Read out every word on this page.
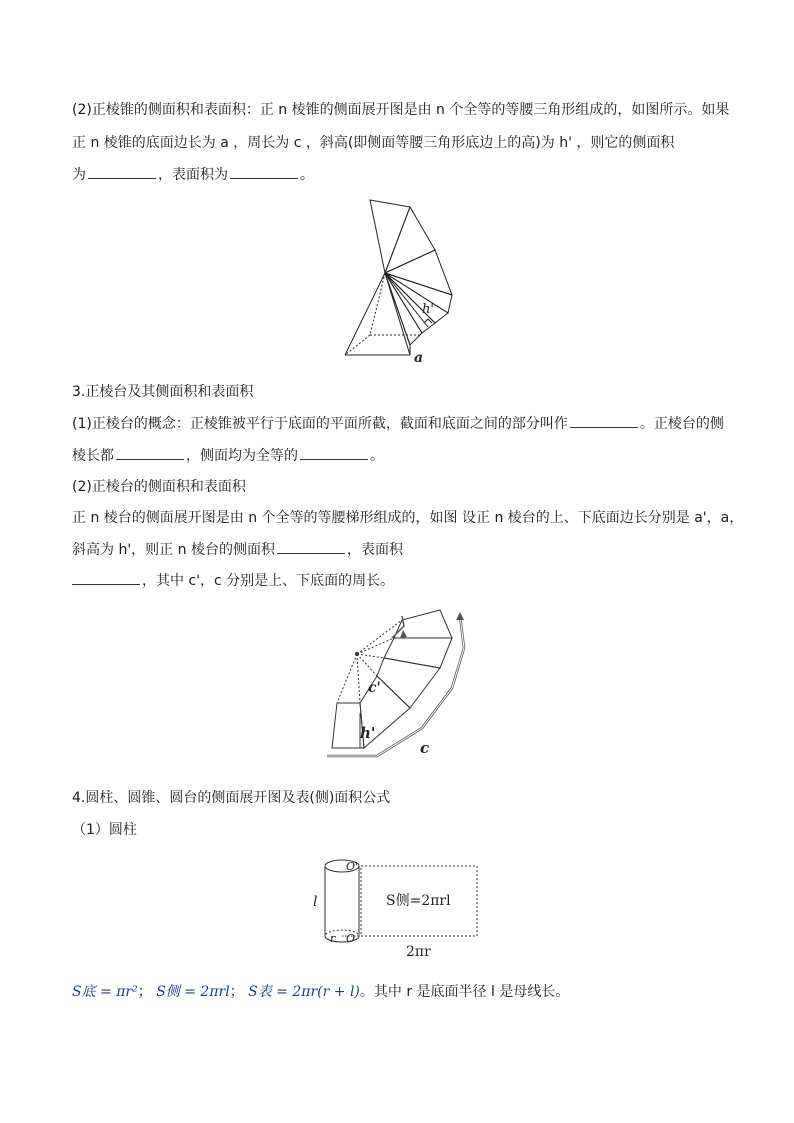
(2)正棱锥的侧面积和表面积：正 n 棱锥的侧面展开图是由 n 个全等的等腰三角形组成的，如图所示。如果
正 n 棱锥的底面边长为 a ，周长为 c ，斜高(即侧面等腰三角形底边上的高)为 h' ，则它的侧面积
为	，表面积为	。
h'
a
3.正棱台及其侧面积和表面积
(1)正棱台的概念：正棱锥被平行于底面的平面所截，截面和底面之间的部分叫作	。正棱台的侧
棱长都	，侧面均为全等的	。
(2)正棱台的侧面积和表面积
正 n 棱台的侧面展开图是由 n 个全等的等腰梯形组成的，如图 设正 n 棱台的上、下底面边长分别是 a'，a，
斜高为 h'，则正 n 棱台的侧面积	，表面积
，其中 c'，c 分别是上、下底面的周长。
c'
h'
c
4.圆柱、圆锥、圆台的侧面展开图及表(侧)面积公式
（1）圆柱
l
r
O'
O
S侧=2πrl
2πr
S底 = πr²； S侧 = 2πrl； S表 = 2πr(r + l)。其中 r 是底面半径 l 是母线长。
